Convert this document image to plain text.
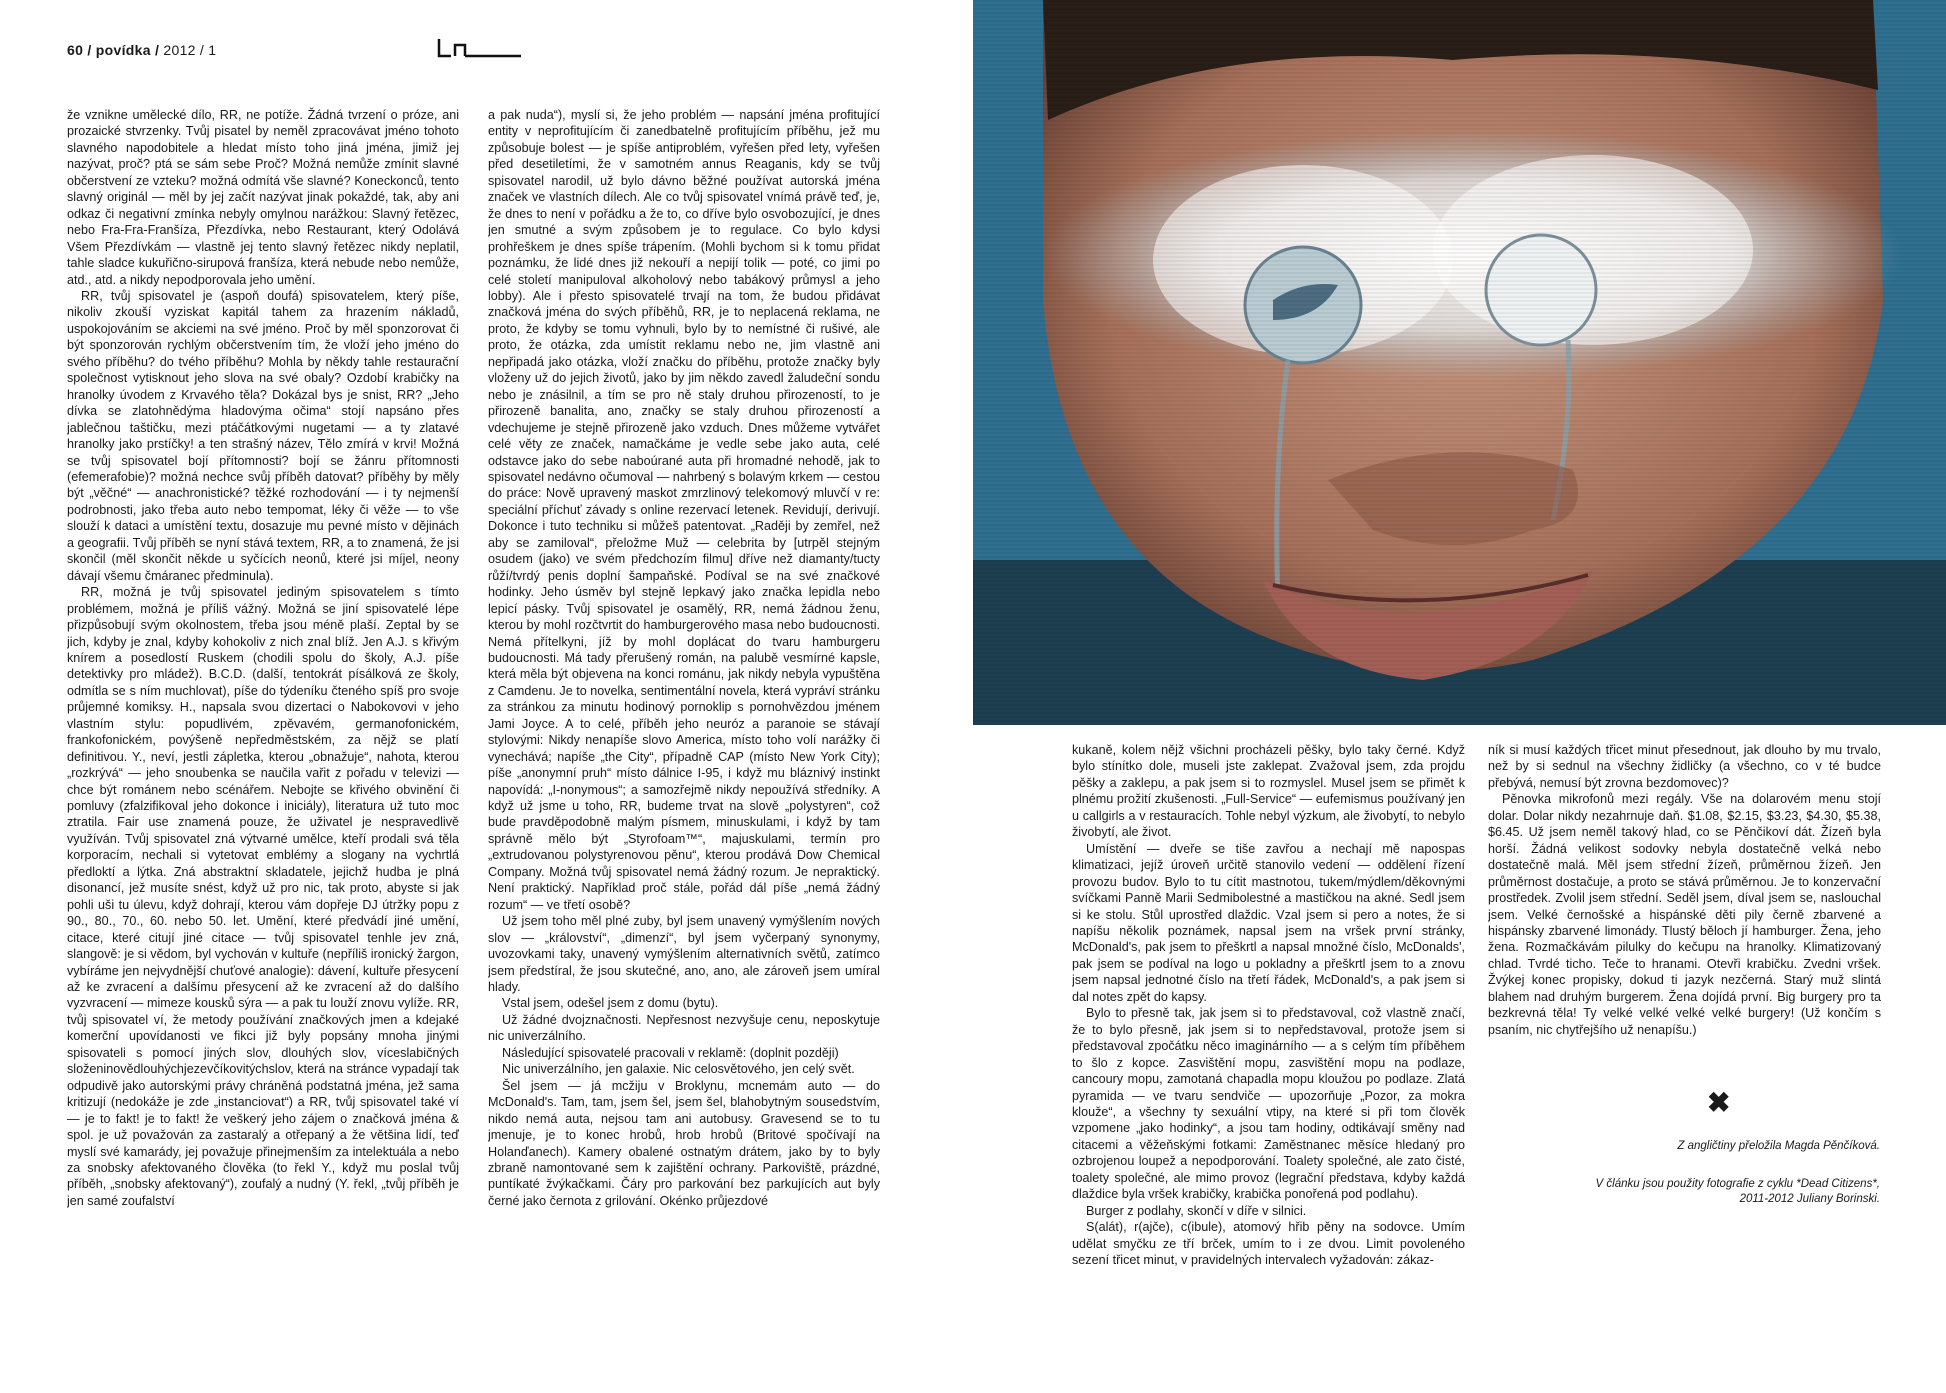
60 / povídka / 2012 / 1

že vznikne umělecké dílo, RR, ne potíže. Žádná tvrzení o próze, ani prozaické stvrzenky. Tvůj pisatel by neměl zpracovávat jméno tohoto slavného napodobitele a hledat místo toho jiná jména, jimiž jej nazývat, proč? ptá se sám sebe Proč? Možná nemůže zmínit slavné občerstvení ze vzteku? možná odmítá vše slavné? Koneckonců, tento slavný originál — měl by jej začít nazývat jinak pokaždé, tak, aby ani odkaz či negativní zmínka nebyly omylnou narážkou: Slavný řetězec, nebo Fra-Fra-Franšíza, Přezdívka, nebo Restaurant, který Odolává Všem Přezdívkám — vlastně jej tento slavný řetězec nikdy neplatil, tahle sladce kukuřično-sirupová franšíza, která nebude nebo nemůže, atd., atd. a nikdy nepodporovala jeho umění.

RR, tvůj spisovatel je (aspoň doufá) spisovatelem, který píše, nikoliv zkouší vyziskat kapitál tahem za hrazením nákladů, uspokojováním se akciemi na své jméno. Proč by měl sponzorovat či být sponzorován rychlým občerstvením tím, že vloží jeho jméno do svého příběhu? do tvého příběhu? Mohla by někdy tahle restaurační společnost vytisknout jeho slova na své obaly? Ozdobí krabičky na hranolky úvodem z Krvavého těla? Dokázal bys je snist, RR? „Jeho dívka se zlatohnědýma hladovýma očima“ stojí napsáno přes jablečnou taštičku, mezi ptáčátkovými nugetami — a ty zlatavé hranolky jako prstíčky! a ten strašný název, Tělo zmírá v krvi! Možná se tvůj spisovatel bojí přítomnosti? bojí se žánru přítomnosti (efemerafobie)? možná nechce svůj příběh datovat? příběhy by měly být „věčné“ — anachronistické? těžké rozhodování — i ty nejmenší podrobnosti, jako třeba auto nebo tempomat, léky či věže — to vše slouží k dataci a umístění textu, dosazuje mu pevné místo v dějinách a geografii. Tvůj příběh se nyní stává textem, RR, a to znamená, že jsi skončil (měl skončit někde u syčících neonů, které jsi míjel, neony dávají všemu čmáranec předminula).

RR, možná je tvůj spisovatel jediným spisovatelem s tímto problémem, možná je příliš vážný. Možná se jiní spisovatelé lépe přizpůsobují svým okolnostem, třeba jsou méně plaší. Zeptal by se jich, kdyby je znal, kdyby kohokoliv z nich znal blíž. Jen A.J. s křivým knírem a posedlostí Ruskem (chodili spolu do školy, A.J. píše detektivky pro mládež). B.C.D. (další, tentokrát písálková ze školy, odmítla se s ním muchlovat), píše do týdeníku čteného spíš pro svoje průjemné komiksy. H., napsala svou dizertaci o Nabokovovi v jeho vlastním stylu: popudlivém, zpěvavém, germanofonickém, frankofonickém, povýšeně nepředměstském, za nějž se platí definitivou. Y., neví, jestli zápletka, kterou „obnažuje“, nahota, kterou „rozkrývá“ — jeho snoubenka se naučila vařit z pořadu v televizi — chce být románem nebo scénářem. Nebojte se křivého obvinění či pomluvy (zfalzifikoval jeho dokonce i iniciály), literatura už tuto moc ztratila. Fair use znamená pouze, že uživatel je nespravedlivě využíván. Tvůj spisovatel zná výtvarné umělce, kteří prodali svá těla korporacím, nechali si vytetovat emblémy a slogany na vychrtlá předloktí a lýtka. Zná abstraktní skladatele, jejichž hudba je plná disonancí, jež musíte snést, když už pro nic, tak proto, abyste si jak pohli uši tu úlevu, když dohrají, kterou vám dopřeje DJ útržky popu z 90., 80., 70., 60. nebo 50. let. Umění, které předvádí jiné umění, citace, které citují jiné citace — tvůj spisovatel tenhle jev zná, slangově: je si vědom, byl vychován v kultuře (nepříliš ironický žargon, vybíráme jen nejvydnější chuťové analogie): dávení, kultuře přesycení až ke zvracení a dalšímu přesycení až ke zvracení až do dalšího vyzvracení — mimeze kousků sýra — a pak tu louží znovu vylíže. RR, tvůj spisovatel ví, že metody používání značkových jmen a kdejaké komerční upovídanosti ve fikci již byly popsány mnoha jinými spisovateli s pomocí jiných slov, dlouhých slov, víceslabičných složeninovědlouhýchjezevčíkovitýchslov, která na stránce vypadají tak odpudivě jako autorskými právy chráněná podstatná jména, jež sama kritizují (nedokáže je zde „instanciovat“) a RR, tvůj spisovatel také ví — je to fakt! je to fakt! že veškerý jeho zájem o značková jména & spol. je už považován za zastaralý a otřepaný a že většina lidí, teď myslí své kamarády, jej považuje přinejmenším za intelektuála a nebo za snobsky afektovaného člověka (to řekl Y., když mu poslal tvůj příběh, „snobsky afektovaný“), zoufalý a nudný (Y. řekl, „tvůj příběh je jen samé zoufalství

a pak nuda“), myslí si, že jeho problém — napsání jména profitující entity v neprofitujícím či zanedbatelně profitujícím příběhu, jež mu způsobuje bolest — je spíše antiproblém, vyřešen před lety, vyřešen před desetiletími, že v samotném annus Reaganis, kdy se tvůj spisovatel narodil, už bylo dávno běžné používat autorská jména značek ve vlastních dílech. Ale co tvůj spisovatel vnímá právě teď, je, že dnes to není v pořádku a že to, co dříve bylo osvobozující, je dnes jen smutné a svým způsobem je to regulace. Co bylo kdysi prohřeškem je dnes spíše trápením. (Mohli bychom si k tomu přidat poznámku, že lidé dnes již nekouří a nepijí tolik — poté, co jimi po celé století manipuloval alkoholový nebo tabákový průmysl a jeho lobby). Ale i přesto spisovatelé trvají na tom, že budou přidávat značková jména do svých příběhů, RR, je to neplacená reklama, ne proto, že kdyby se tomu vyhnuli, bylo by to nemístné či rušivé, ale proto, že otázka, zda umístit reklamu nebo ne, jim vlastně ani nepřipadá jako otázka, vloží značku do příběhu, protože značky byly vloženy už do jejich životů, jako by jim někdo zavedl žaludeční sondu nebo je znásilnil, a tím se pro ně staly druhou přirozeností, to je přirozeně banalita, ano, značky se staly druhou přirozeností a vdechujeme je stejně přirozeně jako vzduch. Dnes můžeme vytvářet celé věty ze značek, namačkáme je vedle sebe jako auta, celé odstavce jako do sebe naboúrané auta při hromadné nehodě, jak to spisovatel nedávno očumoval — nahrbený s bolavým krkem — cestou do práce: Nově upravený maskot zmrzlinový telekomový mluvčí v re: speciální příchuť závady s online rezervací letenek. Revidují, derivují. Dokonce i tuto techniku si můžeš patentovat. „Raději by zemřel, než aby se zamiloval“, přeložme Muž — celebrita by [utrpěl stejným osudem (jako) ve svém předchozím filmu] dříve než diamanty/tucty růží/tvrdý penis doplní šampaňské. Podíval se na své značkové hodinky. Jeho úsměv byl stejně lepkavý jako značka lepidla nebo lepicí pásky. Tvůj spisovatel je osamělý, RR, nemá žádnou ženu, kterou by mohl rozčtvrtit do hamburgerového masa nebo budoucnosti. Nemá přítelkyni, jíž by mohl doplácat do tvaru hamburgeru budoucnosti. Má tady přerušený román, na palubě vesmírné kapsle, která měla být objevena na konci románu, jak nikdy nebyla vypuštěna z Camdenu. Je to novelka, sentimentální novela, která vypráví stránku za stránkou za minutu hodinový pornoklip s pornohvězdou jménem Jami Joyce. A to celé, příběh jeho neuróz a paranoie se stávají stylovými: Nikdy nenapíše slovo America, místo toho volí narážky či vynechává; napíše „the City“, případně CAP (místo New York City); píše „anonymní pruh“ místo dálnice I-95, i když mu bláznivý instinkt napovídá: „I-nonymous“; a samozřejmě nikdy nepoužívá středníky. A když už jsme u toho, RR, budeme trvat na slově „polystyren“, což bude pravděpodobně malým písmem, minuskulami, i když by tam správně mělo být „Styrofoam™“, majuskulami, termín pro „extrudovanou polystyrenovou pěnu“, kterou prodává Dow Chemical Company. Možná tvůj spisovatel nemá žádný rozum. Je nepraktický. Není praktický. Například proč stále, pořád dál píše „nemá žádný rozum“ — ve třetí osobě?

Už jsem toho měl plné zuby, byl jsem unavený vymýšlením nových slov — „království“, „dimenzí“, byl jsem vyčerpaný synonymy, uvozovkami taky, unavený vymýšlením alternativních světů, zatímco jsem předstíral, že jsou skutečné, ano, ano, ale zároveň jsem umíral hlady.

Vstal jsem, odešel jsem z domu (bytu).

Už žádné dvojznačnosti. Nepřesnost nezvyšuje cenu, neposkytuje nic univerzálního.

Následující spisovatelé pracovali v reklamě: (doplnit později)

Nic univerzálního, jen galaxie. Nic celosvětového, jen celý svět.

Šel jsem — já mcžiju v Broklynu, mcnemám auto — do McDonald's. Tam, tam, jsem šel, jsem šel, blahobytným sousedstvím, nikdo nemá auta, nejsou tam ani autobusy. Gravesend se to tu jmenuje, je to konec hrobů, hrob hrobů (Britové spočívají na Holanďanech). Kamery obalené ostnatým drátem, jako by to byly zbraně namontované sem k zajištění ochrany. Parkoviště, prázdné, puntíkaté žvýkačkami. Čáry pro parkování bez parkujících aut byly černé jako černota z grilování. Okénko průjezdové

kukaně, kolem nějž všichni procházeli pěšky, bylo taky černé. Když bylo stínítko dole, museli jste zaklepat. Zvažoval jsem, zda projdu pěšky a zaklepu, a pak jsem si to rozmyslel. Musel jsem se přimět k plnému prožití zkušenosti. „Full-Service“ — eufemismus používaný jen u callgirls a v restauracích. Tohle nebyl výzkum, ale živobytí, to nebylo živobytí, ale život.

Umístění — dveře se tiše zavřou a nechají mě napospas klimatizaci, jejíž úroveň určitě stanovilo vedení — oddělení řízení provozu budov. Bylo to tu cítit mastnotou, tukem/mýdlem/děkovnými svíčkami Panně Marii Sedmibolestné a mastičkou na akné. Sedl jsem si ke stolu. Stůl uprostřed dlaždic. Vzal jsem si pero a notes, že si napíšu několik poznámek, napsal jsem na vršek první stránky, McDonald's, pak jsem to přeškrtl a napsal množné číslo, McDonalds', pak jsem se podíval na logo u pokladny a přeškrtl jsem to a znovu jsem napsal jednotné číslo na třetí řádek, McDonald's, a pak jsem si dal notes zpět do kapsy.

Bylo to přesně tak, jak jsem si to představoval, což vlastně značí, že to bylo přesně, jak jsem si to nepředstavoval, protože jsem si představoval zpočátku něco imaginárního — a s celým tím příběhem to šlo z kopce. Zasvištění mopu, zasvištění mopu na podlaze, cancoury mopu, zamotaná chapadla mopu kloužou po podlaze. Zlatá pyramida — ve tvaru sendviče — upozorňuje „Pozor, za mokra klouže“, a všechny ty sexuální vtipy, na které si při tom člověk vzpomene „jako hodinky“, a jsou tam hodiny, odtikávají směny nad citacemi a věžeňskými fotkami: Zaměstnanec měsíce hledaný pro ozbrojenou loupež a nepodporování. Toalety společné, ale zato čisté, toalety společné, ale mimo provoz (legrační představa, kdyby každá dlaždice byla vršek krabičky, krabička ponořená pod podlahu).

Burger z podlahy, skončí v díře v silnici.

S(alát), r(ajče), c(ibule), atomový hřib pěny na sodovce. Umím udělat smyčku ze tří brček, umím to i ze dvou. Limit povoleného sezení třicet minut, v pravidelných intervalech vyžadován: zákaz-

ník si musí každých třicet minut přesednout, jak dlouho by mu trvalo, než by si sednul na všechny židličky (a všechno, co v té budce přebývá, nemusí být zrovna bezdomovec)?

Pěnovka mikrofonů mezi regály. Vše na dolarovém menu stojí dolar. Dolar nikdy nezahrnuje daň. $1.08, $2.15, $3.23, $4.30, $5.38, $6.45. Už jsem neměl takový hlad, co se Pěnčikoví dát. Žízeň byla horší. Žádná velikost sodovky nebyla dostatečně velká nebo dostatečně malá. Měl jsem střední žízeň, průměrnou žízeň. Jen průměrnost dostačuje, a proto se stává průměrnou. Je to konzervační prostředek. Zvolil jsem střední. Seděl jsem, díval jsem se, naslouchal jsem. Velké černošské a hispánské děti pily černě zbarvené a hispánsky zbarvené limonády. Tlustý běloch jí hamburger. Žena, jeho žena. Rozmačkávám pilulky do kečupu na hranolky. Klimatizovaný chlad. Tvrdé ticho. Teče to hranami. Otevři krabičku. Zvedni vršek. Žvýkej konec propisky, dokud ti jazyk nezčerná. Starý muž slintá blahem nad druhým burgerem. Žena dojídá první. Big burgery pro ta bezkrevná těla! Ty velké velké velké velké burgery! (Už končím s psaním, nic chytřejšího už nenapíšu.)

✖
Z angličtiny přeložila Magda Pěnčíková.
V článku jsou použity fotografie z cyklu *Dead Citizens*,
2011-2012 Juliany Borinski.
